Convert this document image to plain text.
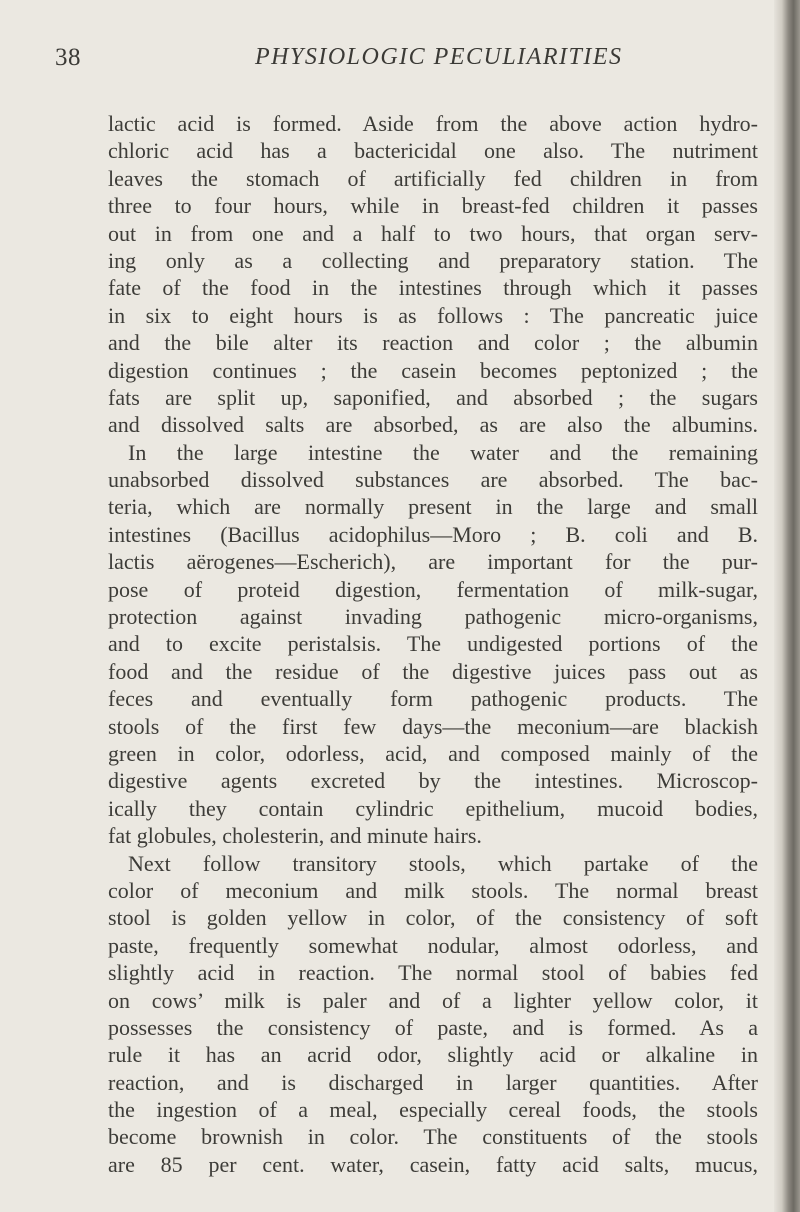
38	PHYSIOLOGIC PECULIARITIES
lactic acid is formed. Aside from the above action hydro-
chloric acid has a bactericidal one also. The nutriment
leaves the stomach of artificially fed children in from
three to four hours, while in breast-fed children it passes
out in from one and a half to two hours, that organ serv-
ing only as a collecting and preparatory station. The
fate of the food in the intestines through which it passes
in six to eight hours is as follows : The pancreatic juice
and the bile alter its reaction and color ; the albumin
digestion continues ; the casein becomes peptonized ; the
fats are split up, saponified, and absorbed ; the sugars
and dissolved salts are absorbed, as are also the albumins.
In the large intestine the water and the remaining
unabsorbed dissolved substances are absorbed. The bac-
teria, which are normally present in the large and small
intestines (Bacillus acidophilus—Moro ; B. coli and B.
lactis aërogenes—Escherich), are important for the pur-
pose of proteid digestion, fermentation of milk-sugar,
protection against invading pathogenic micro-organisms,
and to excite peristalsis. The undigested portions of the
food and the residue of the digestive juices pass out as
feces and eventually form pathogenic products. The
stools of the first few days—the meconium—are blackish
green in color, odorless, acid, and composed mainly of the
digestive agents excreted by the intestines. Microscop-
ically they contain cylindric epithelium, mucoid bodies,
fat globules, cholesterin, and minute hairs.
Next follow transitory stools, which partake of the
color of meconium and milk stools. The normal breast
stool is golden yellow in color, of the consistency of soft
paste, frequently somewhat nodular, almost odorless, and
slightly acid in reaction. The normal stool of babies fed
on cows’ milk is paler and of a lighter yellow color, it
possesses the consistency of paste, and is formed. As a
rule it has an acrid odor, slightly acid or alkaline in
reaction, and is discharged in larger quantities. After
the ingestion of a meal, especially cereal foods, the stools
become brownish in color. The constituents of the stools
are 85 per cent. water, casein, fatty acid salts, mucus,
